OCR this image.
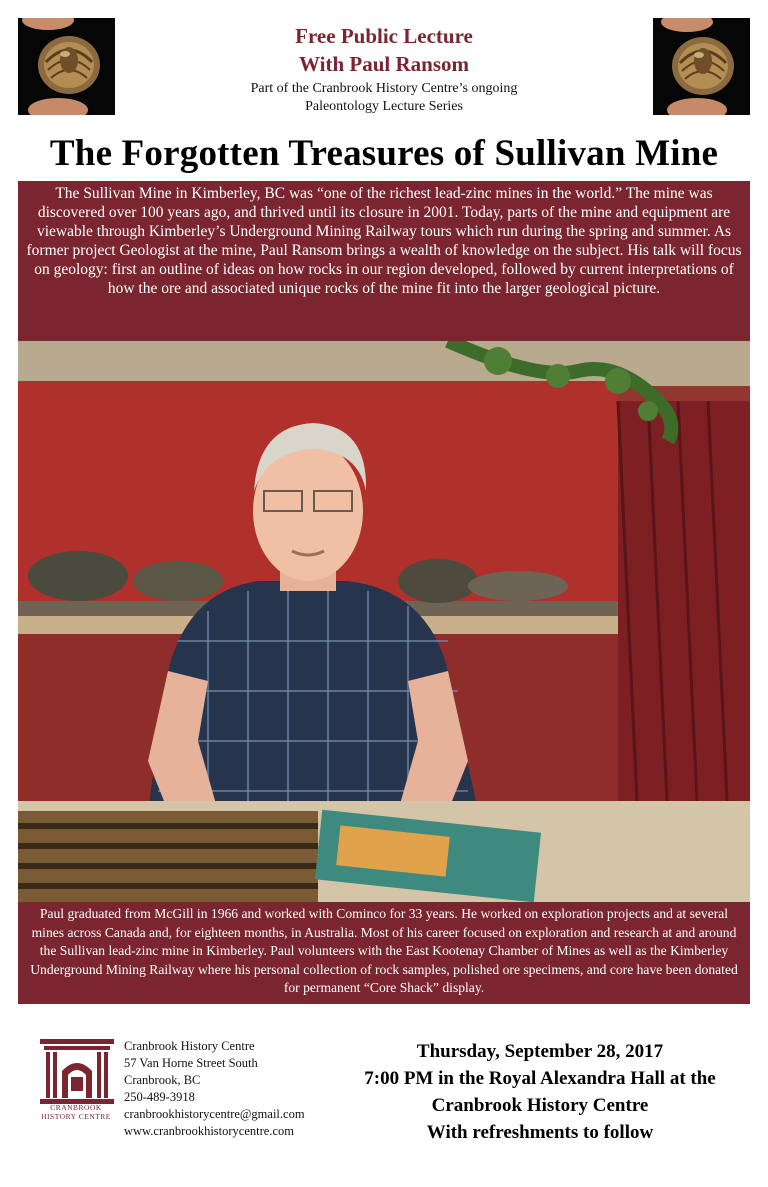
Free Public Lecture
With Paul Ransom
Part of the Cranbrook History Centre’s ongoing
Paleontology Lecture Series
The Forgotten Treasures of Sullivan Mine
The Sullivan Mine in Kimberley, BC was “one of the richest lead-zinc mines in the world.” The mine was discovered over 100 years ago, and thrived until its closure in 2001. Today, parts of the mine and equipment are viewable through Kimberley’s Underground Mining Railway tours which run during the spring and summer. As former project Geologist at the mine, Paul Ransom brings a wealth of knowledge on the subject. His talk will focus on geology: first an outline of ideas on how rocks in our region developed, followed by current interpretations of how the ore and associated unique rocks of the mine fit into the larger geological picture.
Paul graduated from McGill in 1966 and worked with Cominco for 33 years. He worked on exploration projects and at several mines across Canada and, for eighteen months, in Australia. Most of his career focused on exploration and research at and around the Sullivan lead-zinc mine in Kimberley. Paul volunteers with the East Kootenay Chamber of Mines as well as the Kimberley Underground Mining Railway where his personal collection of rock samples, polished ore specimens, and core have been donated for permanent “Core Shack” display.
CRANBROOK
HISTORY CENTRE
Cranbrook History Centre
57 Van Horne Street South
Cranbrook, BC
250-489-3918
cranbrookhistorycentre@gmail.com
www.cranbrookhistorycentre.com
Thursday, September 28, 2017
7:00 PM in the Royal Alexandra Hall at the
Cranbrook History Centre
With refreshments to follow
